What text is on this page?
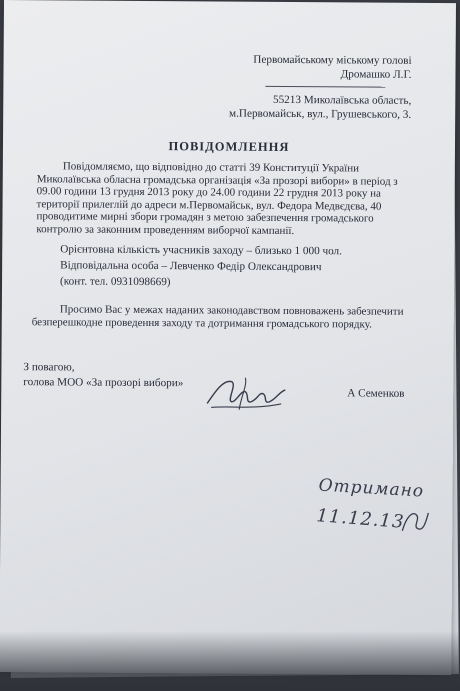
Первомайському міському голові
Дромашко Л.Г.
55213 Миколаївська область,
м.Первомайськ, вул., Грушевського, 3.
ПОВІДОМЛЕННЯ

Повідомляємо, що відповідно до статті 39 Конституції України

Миколаївська обласна громадська організація «За прозорі вибори» в період з

09.00 години 13 грудня 2013 року до 24.00 години 22 грудня 2013 року на

території прилеглій до адреси м.Первомайськ, вул. Федора Медвєдєва, 40

проводитиме мирні збори громадян з метою забезпечення громадського

контролю за законним проведенням виборчої кампанії.

Орієнтовна кількість учасників заходу – близько 1 000 чол.
Відповідальна особа – Левченко Федір Олександрович
(конт. тел. 0931098669)

Просимо Вас у межах наданих законодавством повноважень забезпечити

безперешкодне проведення заходу та дотримання громадського порядку.

З повагою,
голова МОО «За прозорі вибори»
А Семенков
Отримано
11.12.13
